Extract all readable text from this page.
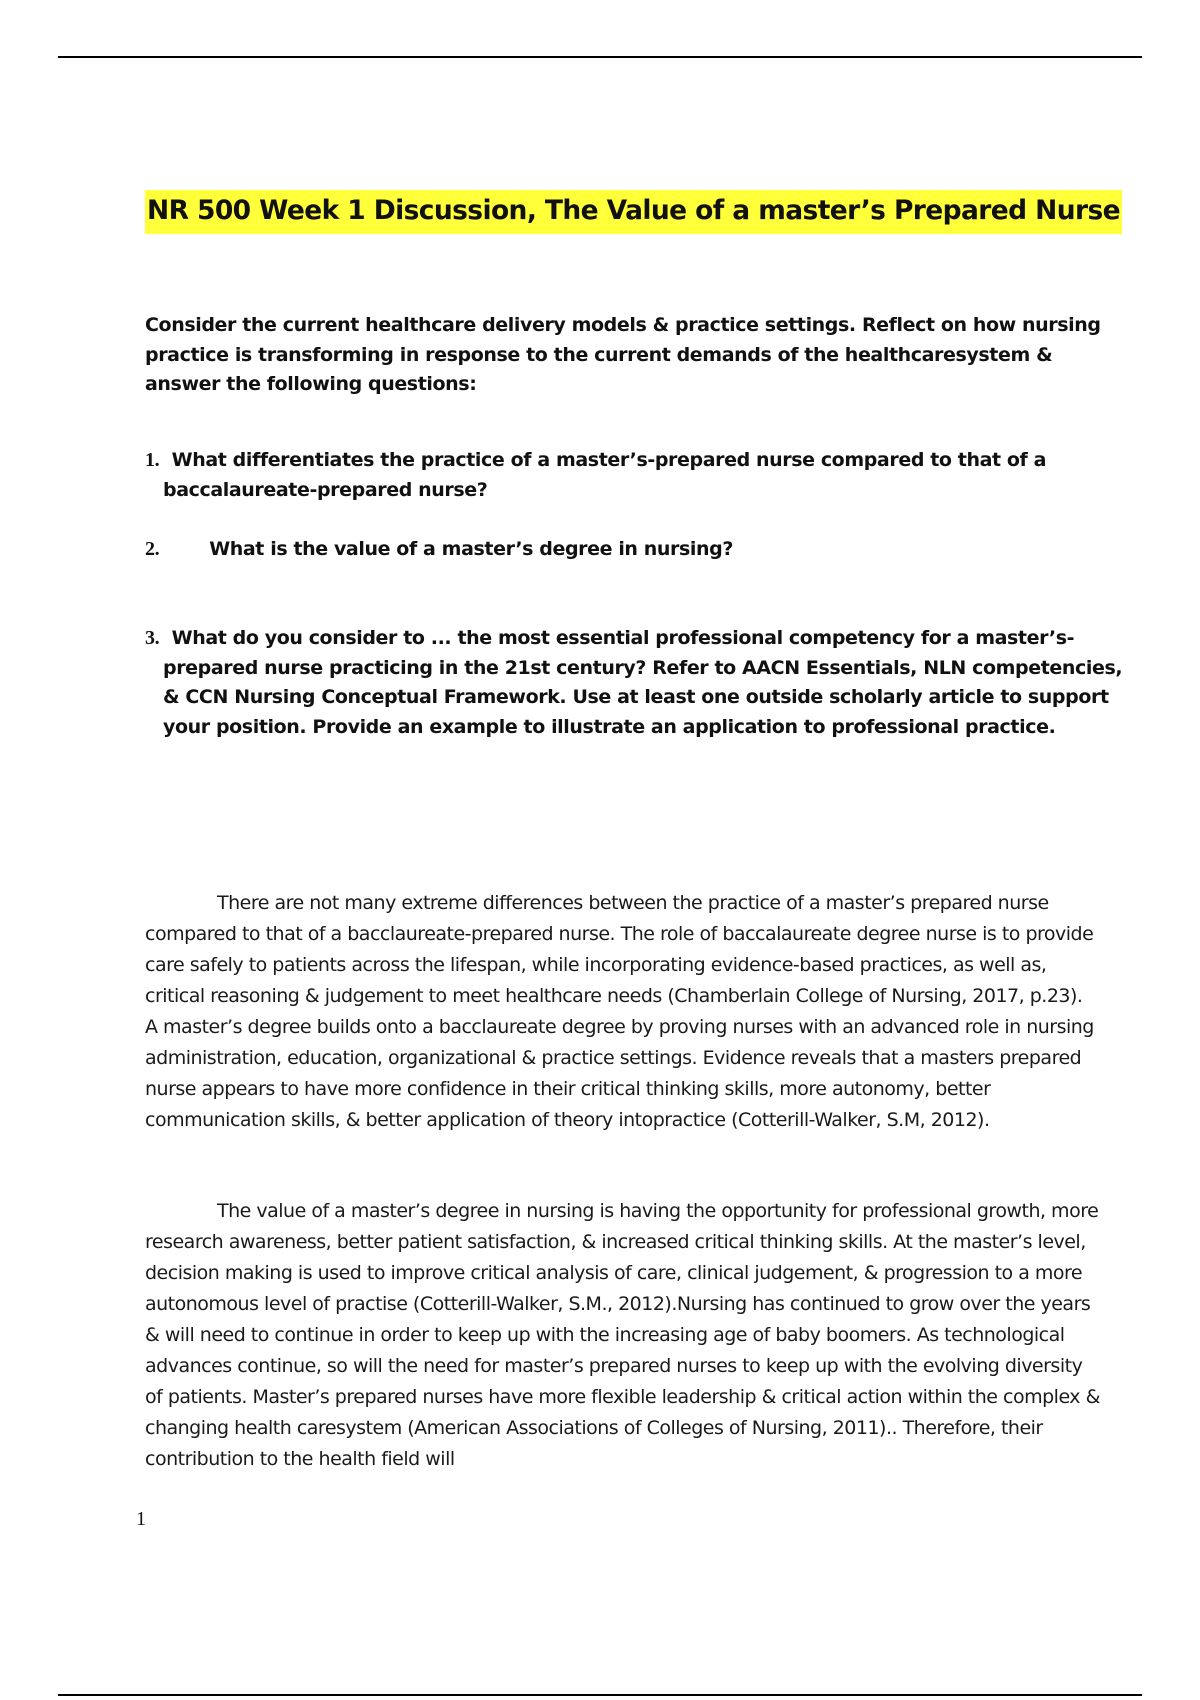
NR 500 Week 1 Discussion, The Value of a master’s Prepared Nurse

Consider the current healthcare delivery models & practice settings. Reflect on how nursing practice is transforming in response to the current demands of the healthcaresystem & answer the following questions:

1. What differentiates the practice of a master’s-prepared nurse compared to that of a baccalaureate-prepared nurse?

2.	What is the value of a master’s degree in nursing?

3. What do you consider to ... the most essential professional competency for a master’s-prepared nurse practicing in the 21st century? Refer to AACN Essentials, NLN competencies, & CCN Nursing Conceptual Framework. Use at least one outside scholarly article to support your position. Provide an example to illustrate an application to professional practice.

There are not many extreme differences between the practice of a master’s prepared nurse compared to that of a bacclaureate-prepared nurse. The role of baccalaureate degree nurse is to provide care safely to patients across the lifespan, while incorporating evidence-based practices, as well as, critical reasoning & judgement to meet healthcare needs (Chamberlain College of Nursing, 2017, p.23). A master’s degree builds onto a bacclaureate degree by proving nurses with an advanced role in nursing administration, education, organizational & practice settings. Evidence reveals that a masters prepared nurse appears to have more confidence in their critical thinking skills, more autonomy, better communication skills, & better application of theory intopractice (Cotterill-Walker, S.M, 2012).

The value of a master’s degree in nursing is having the opportunity for professional growth, more research awareness, better patient satisfaction, & increased critical thinking skills. At the master’s level, decision making is used to improve critical analysis of care, clinical judgement, & progression to a more autonomous level of practise (Cotterill-Walker, S.M., 2012).Nursing has continued to grow over the years & will need to continue in order to keep up with the increasing age of baby boomers. As technological advances continue, so will the need for master’s prepared nurses to keep up with the evolving diversity of patients. Master’s prepared nurses have more flexible leadership & critical action within the complex & changing health caresystem (American Associations of Colleges of Nursing, 2011).. Therefore, their contribution to the health field will

1
